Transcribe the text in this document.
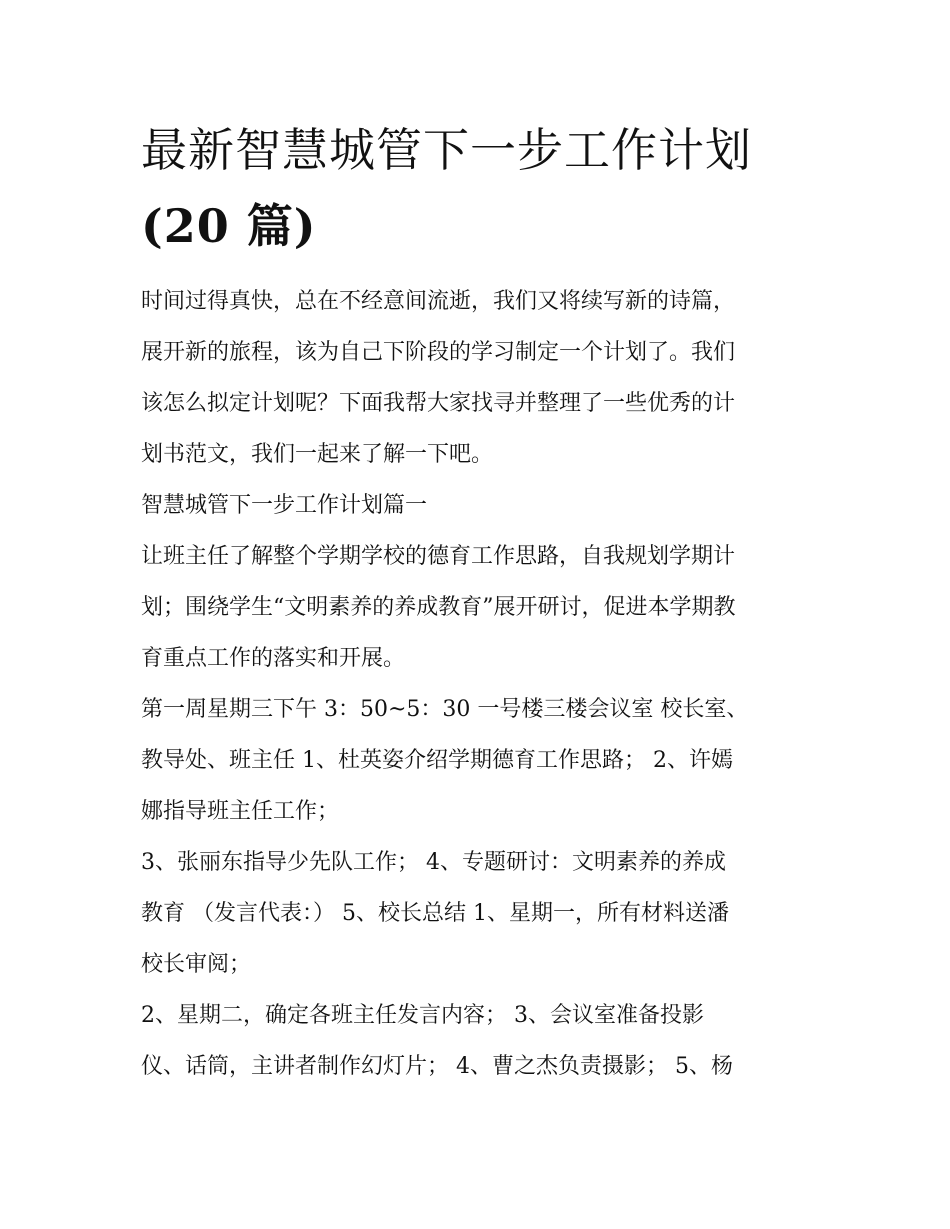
最新智慧城管下一步工作计划
(20 篇)

时间过得真快，总在不经意间流逝，我们又将续写新的诗篇，
展开新的旅程，该为自己下阶段的学习制定一个计划了。我们
该怎么拟定计划呢？下面我帮大家找寻并整理了一些优秀的计
划书范文，我们一起来了解一下吧。

智慧城管下一步工作计划篇一

让班主任了解整个学期学校的德育工作思路，自我规划学期计
划；围绕学生“文明素养的养成教育”展开研讨，促进本学期教
育重点工作的落实和开展。

第一周星期三下午 3：50~5：30 一号楼三楼会议室 校长室、
教导处、班主任 1、杜英姿介绍学期德育工作思路； 2、许嫣
娜指导班主任工作；

3、张丽东指导少先队工作； 4、专题研讨：文明素养的养成
教育 （发言代表：） 5、校长总结 1、星期一，所有材料送潘
校长审阅；

2、星期二，确定各班主任发言内容； 3、会议室准备投影
仪、话筒，主讲者制作幻灯片； 4、曹之杰负责摄影； 5、杨
